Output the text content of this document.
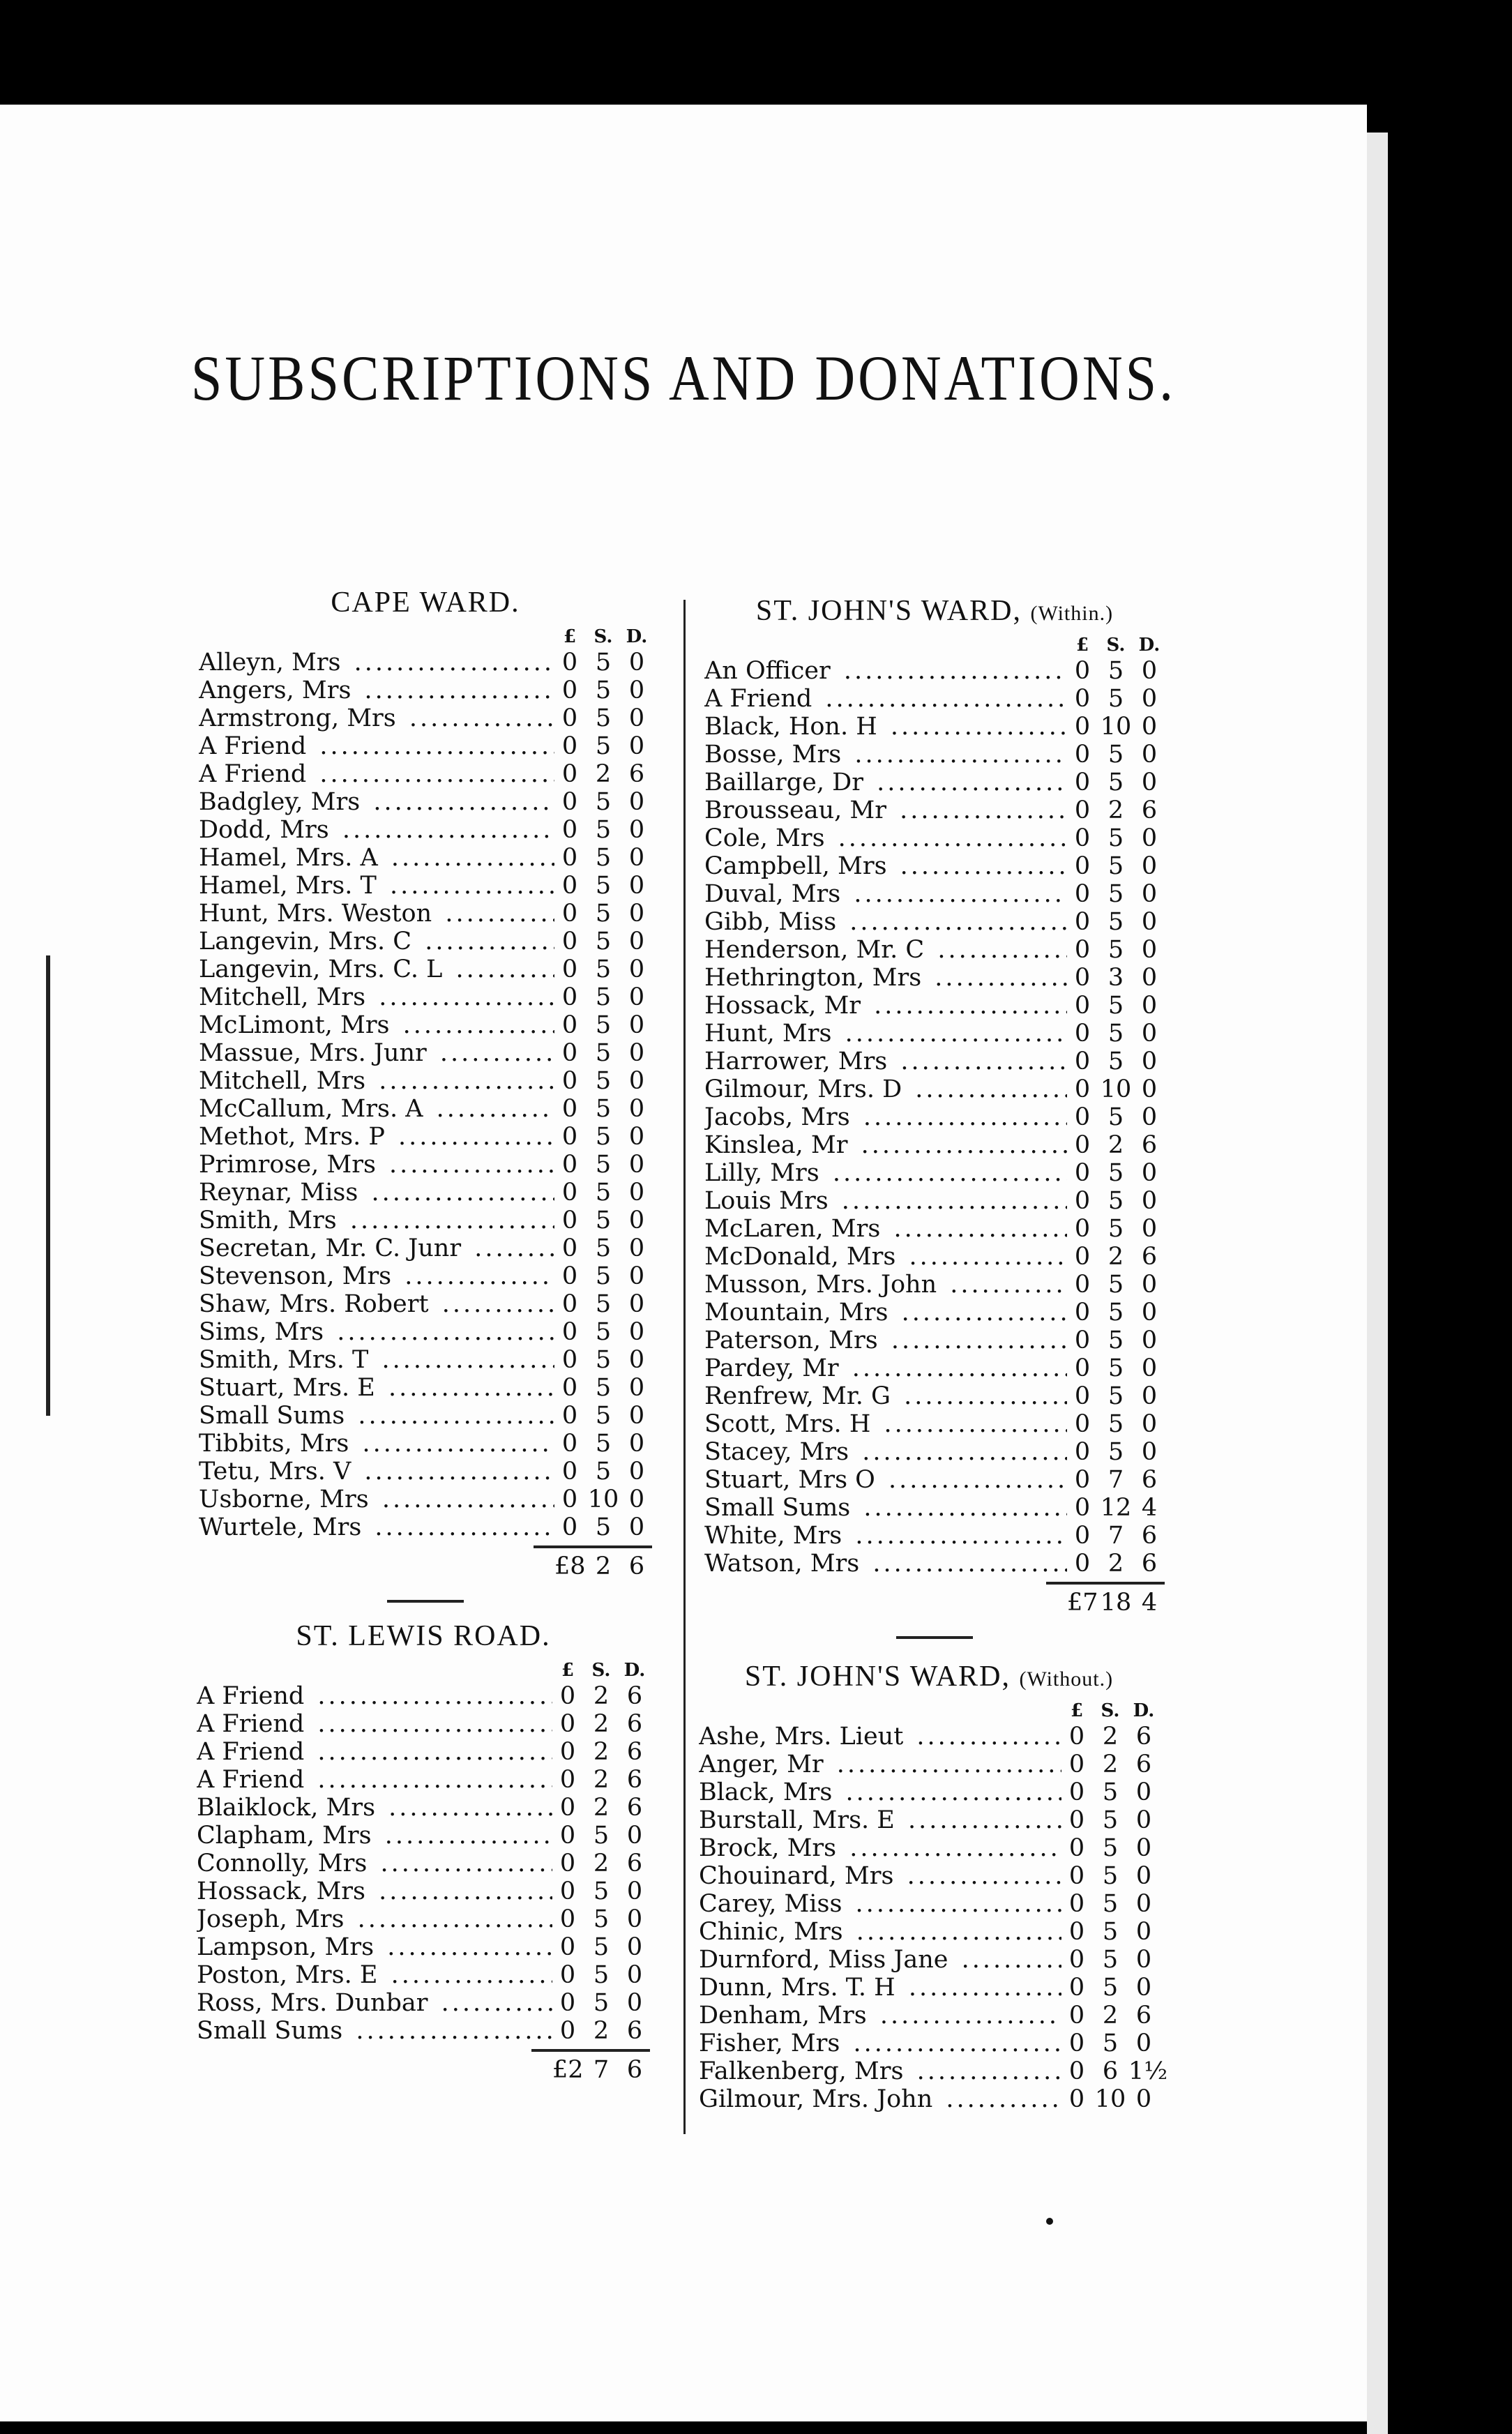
SUBSCRIPTIONS AND DONATIONS.
CAPE WARD.
£ S. D.
Alleyn, Mrs .....	0 5 0
Angers, Mrs .....	0 5 0
Armstrong, Mrs .....	0 5 0
A Friend .....	0 5 0
A Friend .....	0 2 6
Badgley, Mrs .....	0 5 0
Dodd, Mrs .....	0 5 0
Hamel, Mrs. A .....	0 5 0
Hamel, Mrs. T .....	0 5 0
Hunt, Mrs. Weston .....	0 5 0
Langevin, Mrs. C .....	0 5 0
Langevin, Mrs. C. L .....	0 5 0
Mitchell, Mrs .....	0 5 0
McLimont, Mrs .....	0 5 0
Massue, Mrs. Junr .....	0 5 0
Mitchell, Mrs .....	0 5 0
McCallum, Mrs. A .....	0 5 0
Methot, Mrs. P .....	0 5 0
Primrose, Mrs .....	0 5 0
Reynar, Miss .....	0 5 0
Smith, Mrs .....	0 5 0
Secretan, Mr. C. Junr .....	0 5 0
Stevenson, Mrs .....	0 5 0
Shaw, Mrs. Robert .....	0 5 0
Sims, Mrs .....	0 5 0
Smith, Mrs. T .....	0 5 0
Stuart, Mrs. E .....	0 5 0
Small Sums .....	0 5 0
Tibbits, Mrs .....	0 5 0
Tetu, Mrs. V .....	0 5 0
Usborne, Mrs .....	0 10 0
Wurtele, Mrs .....	0 5 0
£8 2 6
ST. LEWIS ROAD.
£ S. D.
A Friend .....	0 2 6
A Friend .....	0 2 6
A Friend .....	0 2 6
A Friend .....	0 2 6
Blaiklock, Mrs .....	0 2 6
Clapham, Mrs .....	0 5 0
Connolly, Mrs .....	0 2 6
Hossack, Mrs .....	0 5 0
Joseph, Mrs .....	0 5 0
Lampson, Mrs .....	0 5 0
Poston, Mrs. E .....	0 5 0
Ross, Mrs. Dunbar .....	0 5 0
Small Sums .....	0 2 6
£2 7 6
ST. JOHN'S WARD, (Within.)
£ S. D.
An Officer .....	0 5 0
A Friend .....	0 5 0
Black, Hon. H .....	0 10 0
Bosse, Mrs .....	0 5 0
Baillarge, Dr .....	0 5 0
Brousseau, Mr .....	0 2 6
Cole, Mrs .....	0 5 0
Campbell, Mrs .....	0 5 0
Duval, Mrs .....	0 5 0
Gibb, Miss .....	0 5 0
Henderson, Mr. C .....	0 5 0
Hethrington, Mrs .....	0 3 0
Hossack, Mr .....	0 5 0
Hunt, Mrs .....	0 5 0
Harrower, Mrs .....	0 5 0
Gilmour, Mrs. D .....	0 10 0
Jacobs, Mrs .....	0 5 0
Kinslea, Mr .....	0 2 6
Lilly, Mrs .....	0 5 0
Louis Mrs .....	0 5 0
McLaren, Mrs .....	0 5 0
McDonald, Mrs .....	0 2 6
Musson, Mrs. John .....	0 5 0
Mountain, Mrs .....	0 5 0
Paterson, Mrs .....	0 5 0
Pardey, Mr .....	0 5 0
Renfrew, Mr. G .....	0 5 0
Scott, Mrs. H .....	0 5 0
Stacey, Mrs .....	0 5 0
Stuart, Mrs O .....	0 7 6
Small Sums .....	0 12 4
White, Mrs .....	0 7 6
Watson, Mrs .....	0 2 6
£7 18 4
ST. JOHN'S WARD, (Without.)
£ S. D.
Ashe, Mrs. Lieut .....	0 2 6
Anger, Mr .....	0 2 6
Black, Mrs .....	0 5 0
Burstall, Mrs. E .....	0 5 0
Brock, Mrs .....	0 5 0
Chouinard, Mrs .....	0 5 0
Carey, Miss .....	0 5 0
Chinic, Mrs .....	0 5 0
Durnford, Miss Jane .....	0 5 0
Dunn, Mrs. T. H .....	0 5 0
Denham, Mrs .....	0 2 6
Fisher, Mrs .....	0 5 0
Falkenberg, Mrs .....	0 6 1½
Gilmour, Mrs. John .....	0 10 0
